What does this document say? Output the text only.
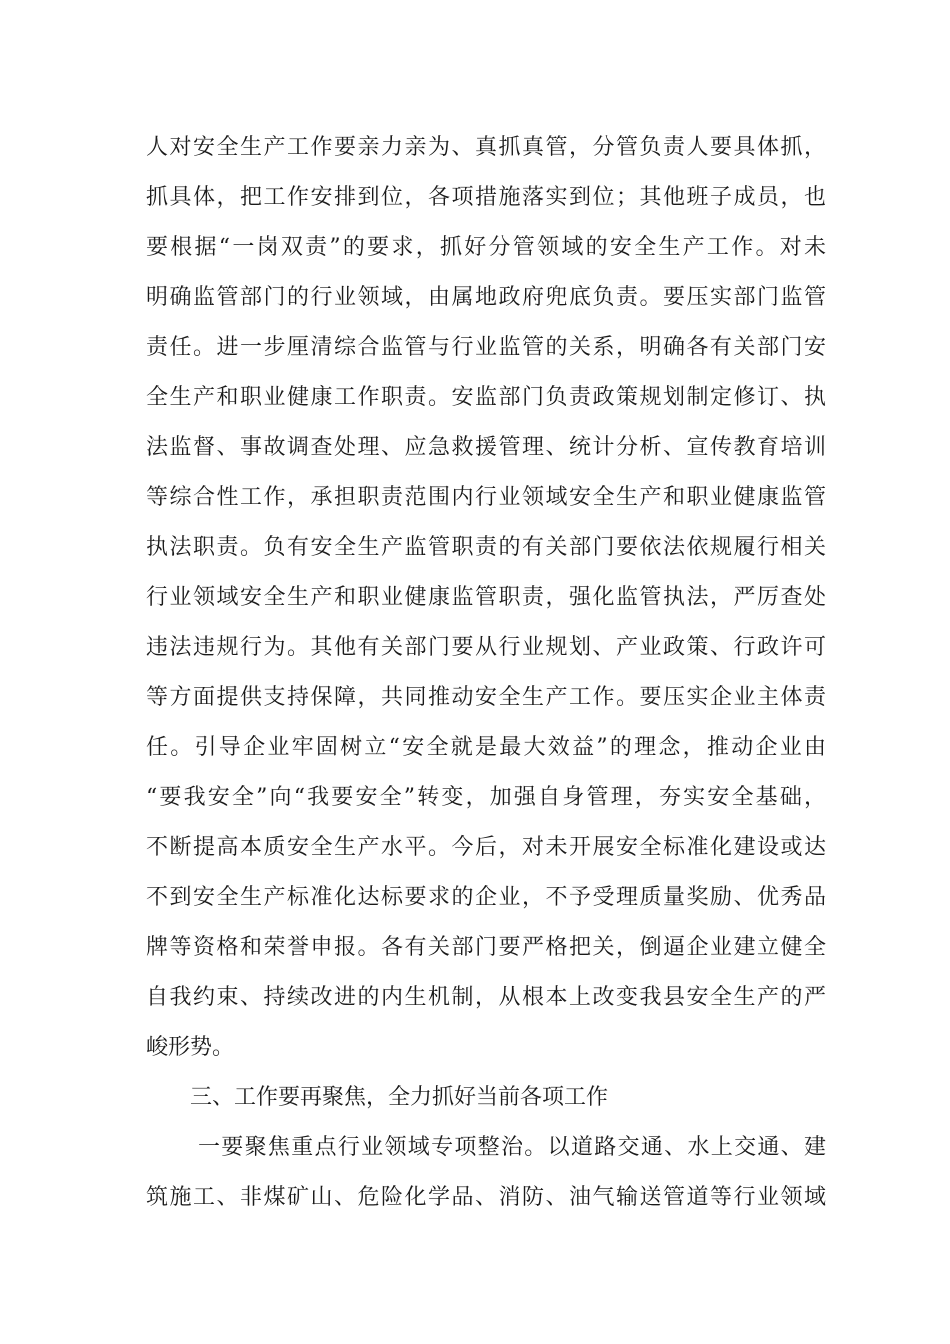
人对安全生产工作要亲力亲为、真抓真管，分管负责人要具体抓，
抓具体，把工作安排到位，各项措施落实到位；其他班子成员，也
要根据“一岗双责”的要求，抓好分管领域的安全生产工作。对未
明确监管部门的行业领域，由属地政府兜底负责。要压实部门监管
责任。进一步厘清综合监管与行业监管的关系，明确各有关部门安
全生产和职业健康工作职责。安监部门负责政策规划制定修订、执
法监督、事故调查处理、应急救援管理、统计分析、宣传教育培训
等综合性工作，承担职责范围内行业领域安全生产和职业健康监管
执法职责。负有安全生产监管职责的有关部门要依法依规履行相关
行业领域安全生产和职业健康监管职责，强化监管执法，严厉查处
违法违规行为。其他有关部门要从行业规划、产业政策、行政许可
等方面提供支持保障，共同推动安全生产工作。要压实企业主体责
任。引导企业牢固树立“安全就是最大效益”的理念，推动企业由
“要我安全”向“我要安全”转变，加强自身管理，夯实安全基础，
不断提高本质安全生产水平。今后，对未开展安全标准化建设或达
不到安全生产标准化达标要求的企业，不予受理质量奖励、优秀品
牌等资格和荣誉申报。各有关部门要严格把关，倒逼企业建立健全
自我约束、持续改进的内生机制，从根本上改变我县安全生产的严
峻形势。
三、工作要再聚焦，全力抓好当前各项工作
一要聚焦重点行业领域专项整治。以道路交通、水上交通、建
筑施工、非煤矿山、危险化学品、消防、油气输送管道等行业领域
